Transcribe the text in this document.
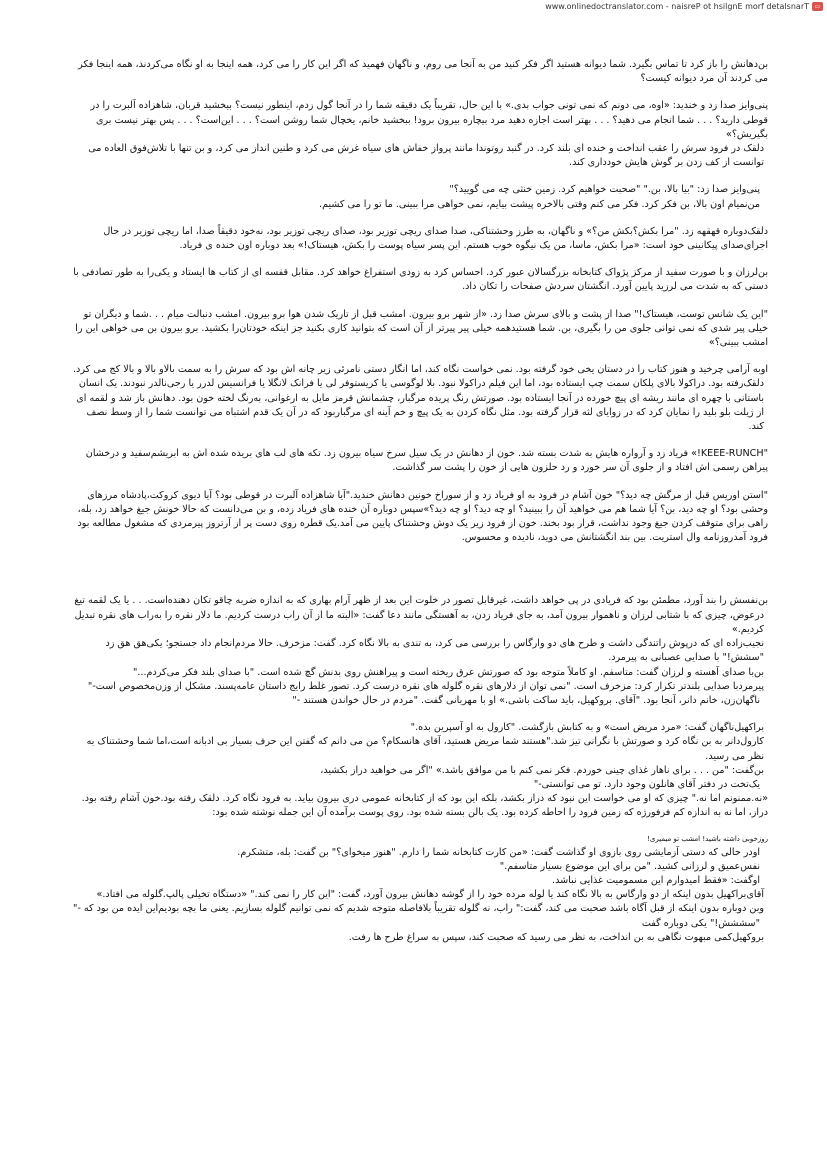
www.onlinedoctranslator.com - naisreP ot hsilgnE morf detalsnarT ▭

بن‌دهانش را باز کرد تا تماس بگیرد. شما دیوانه هستید اگر فکر کنید من به آنجا می روم، و ناگهان فهمید که اگر این کار را می کرد، همه اینجا به او نگاه می‌کردند، همه اینجا فکر می کردند آن مرد دیوانه کیست؟

پنی‌وایز صدا زد و خندید: «اوه، می دونم که نمی تونی جواب بدی.» با این حال، تقریباً یک دقیقه شما را در آنجا گول زدم، اینطور نیست؟ ببخشید قربان، شاهزاده آلبرت را در قوطی دارید؟ . . . شما انجام می دهید؟ . . . بهتر است اجازه دهید مرد بیچاره بیرون برود! ببخشید خانم، یخچال شما روشن است؟ . . . این‌است؟ . . . پس بهتر نیست بری بگیریش؟»

دلقک در فرود سرش را عقب انداخت و خنده ای بلند کرد. در گنبد روتوندا مانند پرواز خفاش های سیاه غرش می کرد و طنین انداز می کرد، و بن تنها با تلاش‌فوق العاده می توانست از کف زدن بر گوش هایش خودداری کند.

پنی‌وایز صدا زد: "بیا بالا، بن." "صحبت خواهیم کرد. زمین خنثی چه می گویید؟"

من‌نمیام اون بالا، بن فکر کرد. فکر می کنم وقتی بالاخره پیشت بیایم، نمی خواهی مرا ببینی. ما تو را می کشیم.

دلقک‌دوباره قهقهه زد. "مرا بکش؟بکش من؟» و ناگهان، به طرز وحشتناکی، صدا صدای ریچی توزیر بود، صدای ریچی توزیر بود، نه‌خود دقیقاً صدا، اما ریچی توزیر در حال اجرای‌صدای پیکانینی خود است: «مرا بکش، ماسا، من یک نیگوه خوب هستم. این پسر سیاه پوست را بکش، هیستاک!» بعد دوباره اون خنده ی فریاد.

بن‌لرزان و با صورت سفید از مرکز پژواک کتابخانه بزرگسالان عبور کرد. احساس کرد به زودی استفراغ خواهد کرد. مقابل قفسه ای از کتاب ها ایستاد و یکی‌را به طور تصادفی با دستی که به شدت می لرزید پایین آورد. انگشتان سردش صفحات را تکان داد.

"این یک شانس توست، هیستاک!" صدا از پشت و بالای سرش صدا زد. «از شهر برو بیرون. امشب قبل از تاریک شدن هوا برو بیرون. امشب دنبالت میام . . .شما و دیگران تو خیلی پیر شدی که نمی توانی جلوی من را بگیری، بن. شما هستیدهمه خیلی پیر پیرتر از آن است که بتوانید کاری بکنید جز اینکه خودتان‌را بکشید. برو بیرون بن می خواهی این را امشب ببینی؟»

او‌به آرامی چرخید و هنوز کتاب را در دستان یخی خود گرفته بود. نمی خواست نگاه کند، اما انگار دستی نامرئی زیر چانه اش بود که سرش را به سمت بالاو بالا و بالا کج می کرد.

دلقک‌رفته بود. دراکولا بالای پلکان سمت چپ ایستاده بود، اما این فیلم دراکولا نبود. بلا لوگوسی یا کریستوفر لی یا فرانک لانگلا یا فرانسیس لدرر یا رجی‌نالدر نبودند. یک انسان باستانی با چهره ای مانند ریشه ای پیچ خورده در آنجا ایستاده بود. صورتش رنگ پریده مرگبار، چشمانش قرمز مایل به ارغوانی، به‌رنگ لخته خون بود. دهانش باز شد و لقمه ای از ژیلت بلو بلید را نمایان کرد که در زوایای لثه قرار گرفته بود. مثل نگاه کردن به یک پیچ و خم آینه ای مرگبار‌بود که در آن یک قدم اشتباه می توانست شما را از وسط نصف کند.

"KEEE-RUNCH!» فریاد زد و آرواره هایش به شدت بسته شد. خون از دهانش در یک سیل سرخ سیاه بیرون زد. تکه های لب های بریده شده اش به ابریشم‌سفید و درخشان پیراهن رسمی اش افتاد و از جلوی آن سر خورد و رد حلزون هایی از خون را پشت سر گذاشت.

"استن اوریس قبل از مرگش چه دید؟" خون آشام در فرود به او فریاد زد و از سوراخ خونین دهانش خندید."آیا شاهزاده آلبرت در قوطی بود؟ آیا دیوی کروکت،پادشاه مرزهای وحشی بود؟ او چه دید، بن؟ آیا شما هم می خواهید آن را ببینید؟ او چه دید؟ او چه دید؟»سپس دوباره آن خنده های فریاد زده، و بن می‌دانست که حالا خونش جیغ خواهد زد، بله، راهی برای متوقف کردن جیغ وجود نداشت، قرار بود بخند. خون از فرود زیر یک دوش وحشتناک پایین می آمد.یک قطره روی دست پر از آرتروز پیرمردی که مشغول مطالعه بود فرود آمدروزنامه وال استریت. بین بند انگشتانش می دوید، نادیده و محسوس.

بن‌نفسش را بند آورد، مطمئن بود که فریادی در پی خواهد داشت، غیرقابل تصور در خلوت این بعد از ظهر آرام بهاری که به اندازه ضربه چاقو تکان دهنده‌است. . . یا یک لقمه تیغ

درعوض، چیزی که با شتابی لرزان و ناهموار بیرون آمد، به جای فریاد زدن، به آهستگی مانند دعا گفت: «البته ما از آن راب درست کردیم. ما دلار نقره را به‌راب های نقره تبدیل کردیم.»

نجیب‌زاده ای که درپوش راتندگی داشت و طرح های دو وارگاس را بررسی می کرد، به تندی به بالا نگاه کرد. گفت: مزخرف. حالا مردم‌انجام داد جستجو؛ یکی‌هق هق زد "سشش!" با صدایی عصبانی به پیرمرد.

بن‌با صدای آهسته و لرزان گفت: متاسفم. او کاملاً متوجه بود که صورتش عرق ریخته است و پیراهنش روی بدنش گچ شده است. "با صدای بلند فکر می‌کردم..."

پیرمرد‌با صدایی بلندتر تکرار کرد: مزخرف است. "نمی توان از دلارهای نقره گلوله های نقره درست کرد. تصور غلط رایج داستان عامه‌پسند. مشکل از وزن‌مخصوص است-"

ناگهان‌زن، خانم دانر، آنجا بود. "آقای. بروکهیل، باید ساکت باشی.» او با مهربانی گفت. "مردم در حال خواندن هستند -"

براکهیل‌ناگهان گفت: «مرد مریض است» و به کتابش بازگشت. "کارول به او آسپرین بده."

کارول‌دانر به بن نگاه کرد و صورتش با نگرانی تیز شد."هستند شما مریض هستید، آقای هانسکام؟ من می دانم که گفتن این حرف بسیار بی ادبانه است،اما شما وحشتناک به نظر می رسید.

بن‌گفت: "من . . . برای ناهار غذای چینی خوردم. فکر نمی کنم با من موافق باشد.» "اگر می خواهید دراز بکشید،

یک‌تخت در دفتر آقای هانلون وجود دارد. تو می توانستی-"

«نه.ممنونم اما نه." چیزی که او می خواست این نبود که دراز بکشد، بلکه این بود که از کتابخانه عمومی دری بیرون بیاید. به فرود نگاه کرد. دلقک رفته بود.خون آشام رفته بود. دراز، اما نه به اندازه کم فرفورژه که زمین فرود را احاطه کرده بود. یک بالن بسته شده بود. روی پوست برآمده آن این جمله نوشته شده بود:

روزخوبی داشته باشید! امشب تو میمیری!

اودر حالی که دستی آزمایشی روی بازوی او گذاشت گفت: «من کارت کتابخانه شما را دارم. "هنوز میخوای؟" بن گفت: بله، متشکرم.

نفس‌عمیق و لرزانی کشید. "من برای این موضوع بسیار متاسفم."

او‌گفت: «فقط امیدوارم این مسمومیت غذایی نباشد.

آقای‌براکهیل بدون اینکه از دو وارگاس به بالا نگاه کند یا لوله مرده خود را از گوشه دهانش بیرون آورد، گفت: "این کار را نمی کند." «دستگاه تخیلی پالپ.گلوله می افتاد.»

وبن دوباره بدون اینکه از قبل آگاه باشد صحبت می کند، گفت:" راب، نه گلوله تقریباً بلافاصله متوجه شدیم که نمی توانیم گلوله بسازیم. یعنی ما بچه بودیم‌این ایده من بود که -"

"سششش!" یکی دوباره گفت

بروکهیل‌کمی مبهوت نگاهی به بن انداخت، به نظر می رسید که صحبت کند، سپس به سراغ طرح ها رفت.
